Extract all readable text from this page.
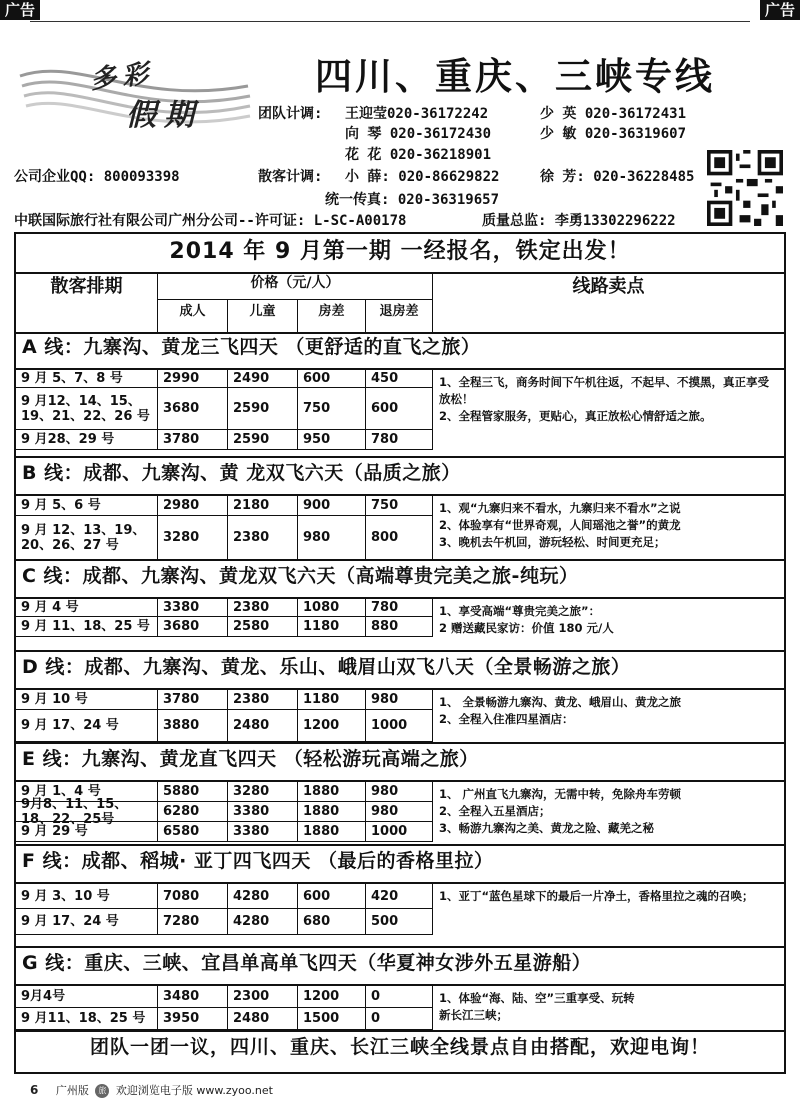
广告	广告
多彩
假期
四川、重庆、三峡专线
团队计调: 王迎莹020-36172242	少 英 020-36172431
向 琴 020-36172430	少 敏 020-36319607
花 花 020-36218901
公司企业QQ: 800093398	散客计调: 小 薛: 020-86629822	徐 芳: 020-36228485
统一传真: 020-36319657
中联国际旅行社有限公司广州分公司--许可证: L-SC-A00178	质量总监: 李勇13302296222
2014 年 9 月第一期 一经报名，铁定出发！
散客排期	价格（元/人）
成人	儿童	房差	退房差
线路卖点
A 线：九寨沟、黄龙三飞四天 （更舒适的直飞之旅）
9 月 5、7、8 号	2990	2490	600	450
9 月12、14、15、19、21、22、26 号	3680	2590	750	600
9 月28、29 号	3780	2590	950	780

1、全程三飞，商务时间下午机往返，不起早、不摸黑，真正享受放松！

2、全程管家服务，更贴心，真正放松心情舒适之旅。

B 线：成都、九寨沟、黄 龙双飞六天（品质之旅）
9 月 5、6 号	2980	2180	900	750
9 月 12、13、19、20、26、27 号	3280	2380	980	800

1、观“九寨归来不看水，九寨归来不看水”之说

2、体验享有“世界奇观，人间瑶池之誉”的黄龙

3、晚机去午机回，游玩轻松、时间更充足；

C 线：成都、九寨沟、黄龙双飞六天（高端尊贵完美之旅-纯玩）
9 月 4 号	3380	2380	1080	780
9 月 11、18、25 号	3680	2580	1180	880

1、享受高端“尊贵完美之旅”：

2 赠送藏民家访：价值 180 元/人

D 线：成都、九寨沟、黄龙、乐山、峨眉山双飞八天（全景畅游之旅）
9 月 10 号	3780	2380	1180	980
9 月 17、24 号	3880	2480	1200	1000

1、 全景畅游九寨沟、黄龙、峨眉山、黄龙之旅

2、全程入住准四星酒店：

E 线：九寨沟、黄龙直飞四天 （轻松游玩高端之旅）
9 月 1、4 号	5880	3280	1880	980
9月8、11、15、18、22、25号	6280	3380	1880	980
9 月 29 号	6580	3380	1880	1000

1、 广州直飞九寨沟，无需中转，免除舟车劳顿

2、全程入五星酒店；

3、畅游九寨沟之美、黄龙之险、藏羌之秘

F 线：成都、稻城· 亚丁四飞四天 （最后的香格里拉）
9 月 3、10 号	7080	4280	600	420
9 月 17、24 号	7280	4280	680	500

1、亚丁“蓝色星球下的最后一片净土，香格里拉之魂的召唤；

G 线：重庆、三峡、宜昌单高单飞四天（华夏神女涉外五星游船）
9月4号	3480	2300	1200	0
9 月11、18、25 号	3950	2480	1500	0

1、体验“海、陆、空”三重享受、玩转

新长江三峡；

团队一团一议，四川、重庆、长江三峡全线景点自由搭配，欢迎电询！
6 广州版 旅 欢迎浏览电子版 www.zyoo.net
